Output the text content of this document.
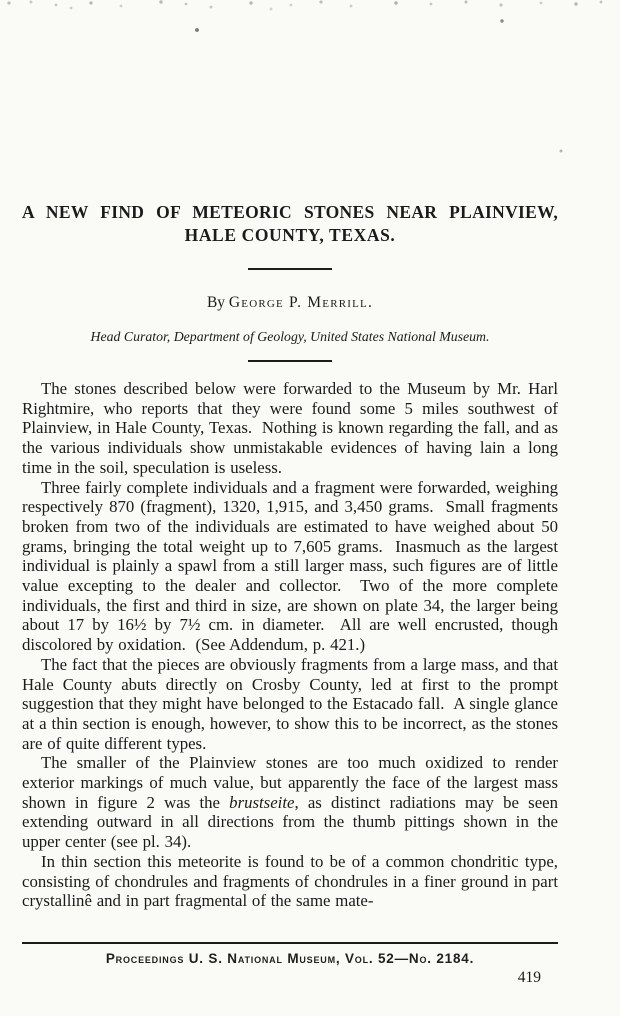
A NEW FIND OF METEORIC STONES NEAR PLAINVIEW,
HALE COUNTY, TEXAS.
By George P. Merrill.
Head Curator, Department of Geology, United States National Museum.

The stones described below were forwarded to the Museum by Mr. Harl Rightmire, who reports that they were found some 5 miles southwest of Plainview, in Hale County, Texas.  Nothing is known regarding the fall, and as the various individuals show unmistakable evidences of having lain a long time in the soil, speculation is useless.

Three fairly complete individuals and a fragment were forwarded, weighing respectively 870 (fragment), 1320, 1,915, and 3,450 grams.  Small fragments broken from two of the individuals are estimated to have weighed about 50 grams, bringing the total weight up to 7,605 grams.  Inasmuch as the largest individual is plainly a spawl from a still larger mass, such figures are of little value excepting to the dealer and collector.  Two of the more complete individuals, the first and third in size, are shown on plate 34, the larger being about 17 by 16½ by 7½ cm. in diameter.  All are well encrusted, though discolored by oxidation.  (See Addendum, p. 421.)

The fact that the pieces are obviously fragments from a large mass, and that Hale County abuts directly on Crosby County, led at first to the prompt suggestion that they might have belonged to the Estacado fall.  A single glance at a thin section is enough, however, to show this to be incorrect, as the stones are of quite different types.

The smaller of the Plainview stones are too much oxidized to render exterior markings of much value, but apparently the face of the largest mass shown in figure 2 was the brustseite, as distinct radiations may be seen extending outward in all directions from the thumb pittings shown in the upper center (see pl. 34).

In thin section this meteorite is found to be of a common chondritic type, consisting of chondrules and fragments of chondrules in a finer ground in part crystallinê and in part fragmental of the same mate-

Proceedings U. S. National Museum, Vol. 52—No. 2184.
419
